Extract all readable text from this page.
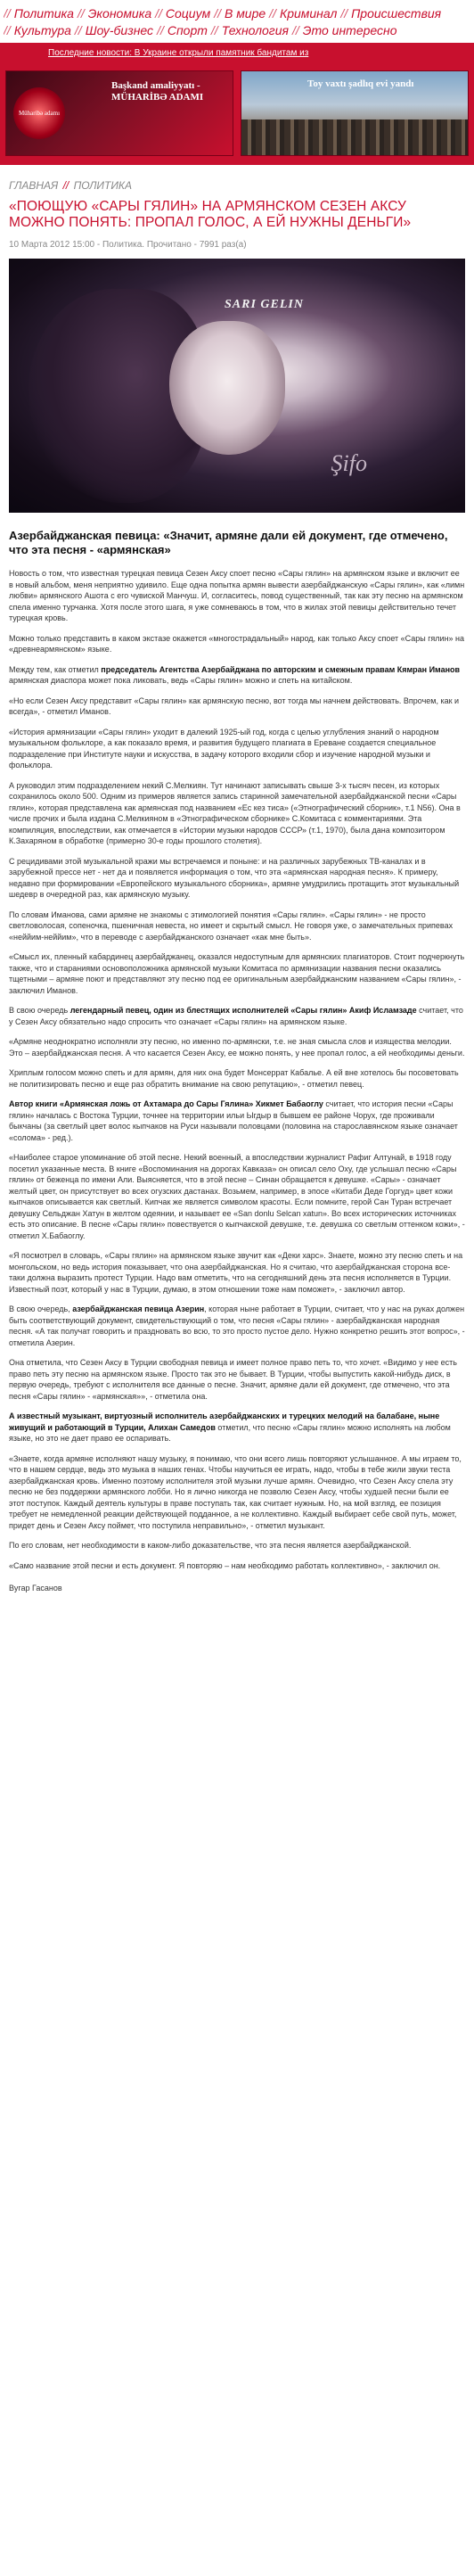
// Политика // Экономика // Социум // В мире // Криминал // Происшествия
// Культура // Шоу-бизнес // Спорт // Технология // Это интересно
Последние новости: В Украине открыли памятник бандитам из
Müharibə adamı
Başkand amaliyyatı -MÜHARİBƏ ADAMI
Toy vaxtı şadlıq evi yandı
ГЛАВНАЯ // ПОЛИТИКА
«ПОЮЩУЮ «САРЫ ГЯЛИН» НА АРМЯНСКОМ СЕЗЕН АКСУ МОЖНО ПОНЯТЬ: ПРОПАЛ ГОЛОС, А ЕЙ НУЖНЫ ДЕНЬГИ»
10 Марта 2012 15:00 - Политика. Прочитано - 7991 раз(а)
SARI GELIN
Şifo
Азербайджанская певица: «Значит, армяне дали ей документ, где отмечено, что эта песня - «армянская»

Новость о том, что известная турецкая певица Сезен Аксу споет песню «Сары гялин» на армянском языке и включит ее в новый альбом, меня неприятно удивило. Еще одна попытка армян вывести азербайджанскую «Сары гялин», как «лимн любви» армянского Ашота с его чувиской Манчуш. И, согласитесь, повод существенный, так как эту песню на армянском спела именно турчанка. Хотя после этого шага, я уже сомневаюсь в том, что в жилах этой певицы действительно течет турецкая кровь.

Можно только представить в каком экстазе окажется «многострадальный» народ, как только Аксу споет «Сары гялин» на «древнеармянском» языке.

Между тем, как отметил председатель Агентства Азербайджана по авторским и смежным правам Кямран Иманов армянская диаспора может пока ликовать, ведь «Сары гялин» можно и спеть на китайском.

«Но если Сезен Аксу представит «Сары гялин» как армянскую песню, вот тогда мы начнем действовать. Впрочем, как и всегда», - отметил Иманов.

«История армянизации «Сары гялин» уходит в далекий 1925-ый год, когда с целью углубления знаний о народном музыкальном фольклоре, а как показало время, и развития будущего плагиата в Ереване создается специальное подразделение при Институте науки и искусства, в задачу которого входили сбор и изучение народной музыки и фольклора.

А руководил этим подразделением некий С.Мелкиян. Тут начинают записывать свыше 3-х тысяч песен, из которых сохранилось около 500. Одним из примеров является запись старинной замечательной азербайджанской песни «Сары гялин», которая представлена как армянская под названием «Ес кез тиса» («Этнографический сборник», т.1 N56). Она в числе прочих и была издана С.Мелкияном в «Этнографическом сборнике» С.Комитаса с комментариями. Эта компиляция, впоследствии, как отмечается в «Истории музыки народов СССР» (т.1, 1970), была дана композитором К.Захаряном в обработке (примерно 30-е годы прошлого столетия).

С рецидивами этой музыкальной кражи мы встречаемся и поныне: и на различных зарубежных ТВ-каналах и в зарубежной прессе нет - нет да и появляется информация о том, что эта «армянская народная песня». К примеру, недавно при формировании «Европейского музыкального сборника», армяне умудрились протащить этот музыкальный шедевр в очередной раз, как армянскую музыку.

По словам Иманова, сами армяне не знакомы с этимологией понятия «Сары гялин». «Сары гялин» - не просто светловолосая, сопеночка, пшеничная невеста, но имеет и скрытый смысл. Не говоря уже, о замечательных припевах «неййим-неййим», что в переводе с азербайджанского означает «как мне быть».

«Смысл их, пленный кабардинец азербайджанец, оказался недоступным для армянских плагиаторов. Стоит подчеркнуть также, что и стараниями основоположника армянской музыки Комитаса по армянизации названия песни оказались тщетными – армяне поют и представляют эту песню под ее оригинальным азербайджанским названием «Сары гялин», - заключил Иманов.

В свою очередь легендарный певец, один из блестящих исполнителей «Сары гялин» Акиф Исламзаде считает, что у Сезен Аксу обязательно надо спросить что означает «Сары гялин» на армянском языке.

«Армяне неоднократно исполняли эту песню, но именно по-армянски, т.е. не зная смысла слов и изящества мелодии. Это – азербайджанская песня. А что касается Сезен Аксу, ее можно понять, у нее пропал голос, а ей необходимы деньги.

Хриплым голосом можно спеть и для армян, для них она будет Монсеррат Кабалье. А ей вне хотелось бы посоветовать не политизировать песню и еще раз обратить внимание на свою репутацию», - отметил певец.

Автор книги «Армянская ложь от Ахтамара до Сары Гялина» Хикмет Бабаоглу считает, что история песни «Сары гялин» началась с Востока Турции, точнее на территории ильи Ыгдыр в бывшем ее районе Чорух, где проживали быкчаны (за светлый цвет волос кыпчаков на Руси называли половцами (половина на старославянском языке означает «солома» - ред.).

«Наиболее старое упоминание об этой песне. Некий военный, а впоследствии журналист Рафиг Алтунай, в 1918 году посетил указанные места. В книге «Воспоминания на дорогах Кавказа» он описал село Оху, где услышал песню «Сары гялин» от беженца по имени Али. Выясняется, что в этой песне – Синан обращается к девушке. «Сары» - означает желтый цвет, он присутствует во всех огузских дастанах. Возьмем, например, в эпосе «Китаби Деде Горгуд» цвет кожи кыпчаков описывается как светлый. Кипчак же является символом красоты. Если помните, герой Сан Туран встречает девушку Сельджан Хатун в желтом одеянии, и называет ее «San donlu Selcan xatun». Во всех исторических источниках есть это описание. В песне «Сары гялин» повествуется о кыпчакской девушке, т.е. девушка со светлым оттенком кожи», - отметил Х.Бабаоглу.

«Я посмотрел в словарь, «Сары гялин» на армянском языке звучит как «Деки харс». Знаете, можно эту песню спеть и на монгольском, но ведь история показывает, что она азербайджанская. Но я считаю, что азербайджанская сторона все-таки должна выразить протест Турции. Надо вам отметить, что на сегодняшний день эта песня исполняется в Турции. Известный поэт, который у нас в Турции, думаю, в этом отношении тоже нам поможет», - заключил автор.

В свою очередь, азербайджанская певица Азерин, которая ныне работает в Турции, считает, что у нас на руках должен быть соответствующий документ, свидетельствующий о том, что песня «Сары гялин» - азербайджанская народная песня. «А так получат говорить и праздновать во всю, то это просто пустое дело. Нужно конкретно решить этот вопрос», - отметила Азерин.

Она отметила, что Сезен Аксу в Турции свободная певица и имеет полное право петь то, что хочет. «Видимо у нее есть право петь эту песню на армянском языке. Просто так это не бывает. В Турции, чтобы выпустить какой-нибудь диск, в первую очередь, требуют с исполнителя все данные о песне. Значит, армяне дали ей документ, где отмечено, что эта песня «Сары гялин» - «армянская»», - отметила она.

А известный музыкант, виртуозный исполнитель азербайджанских и турецких мелодий на балабане, ныне живущий и работающий в Турции, Алихан Самедов отметил, что песню «Сары гялин» можно исполнять на любом языке, но это не дает право ее оспаривать.

«Знаете, когда армяне исполняют нашу музыку, я понимаю, что они всего лишь повторяют услышанное. А мы играем то, что в нашем сердце, ведь это музыка в наших генах. Чтобы научиться ее играть, надо, чтобы в тебе жили звуки теста азербайджанская кровь. Именно поэтому исполнителя этой музыки лучше армян. Очевидно, что Сезен Аксу спела эту песню не без поддержки армянского лобби. Но я лично никогда не позволю Сезен Аксу, чтобы худшей песни были ее этот поступок. Каждый деятель культуры в праве поступать так, как считает нужным. Но, на мой взгляд, ее позиция требует не немедленной реакции действующей подданное, а не коллективно. Каждый выбирает себе свой путь, может, придет день и Сезен Аксу поймет, что поступила неправильно», - отметил музыкант.

По его словам, нет необходимости в каком-либо доказательстве, что эта песня является азербайджанской.

«Само название этой песни и есть документ. Я повторяю – нам необходимо работать коллективно», - заключил он.

Вугар Гасанов
